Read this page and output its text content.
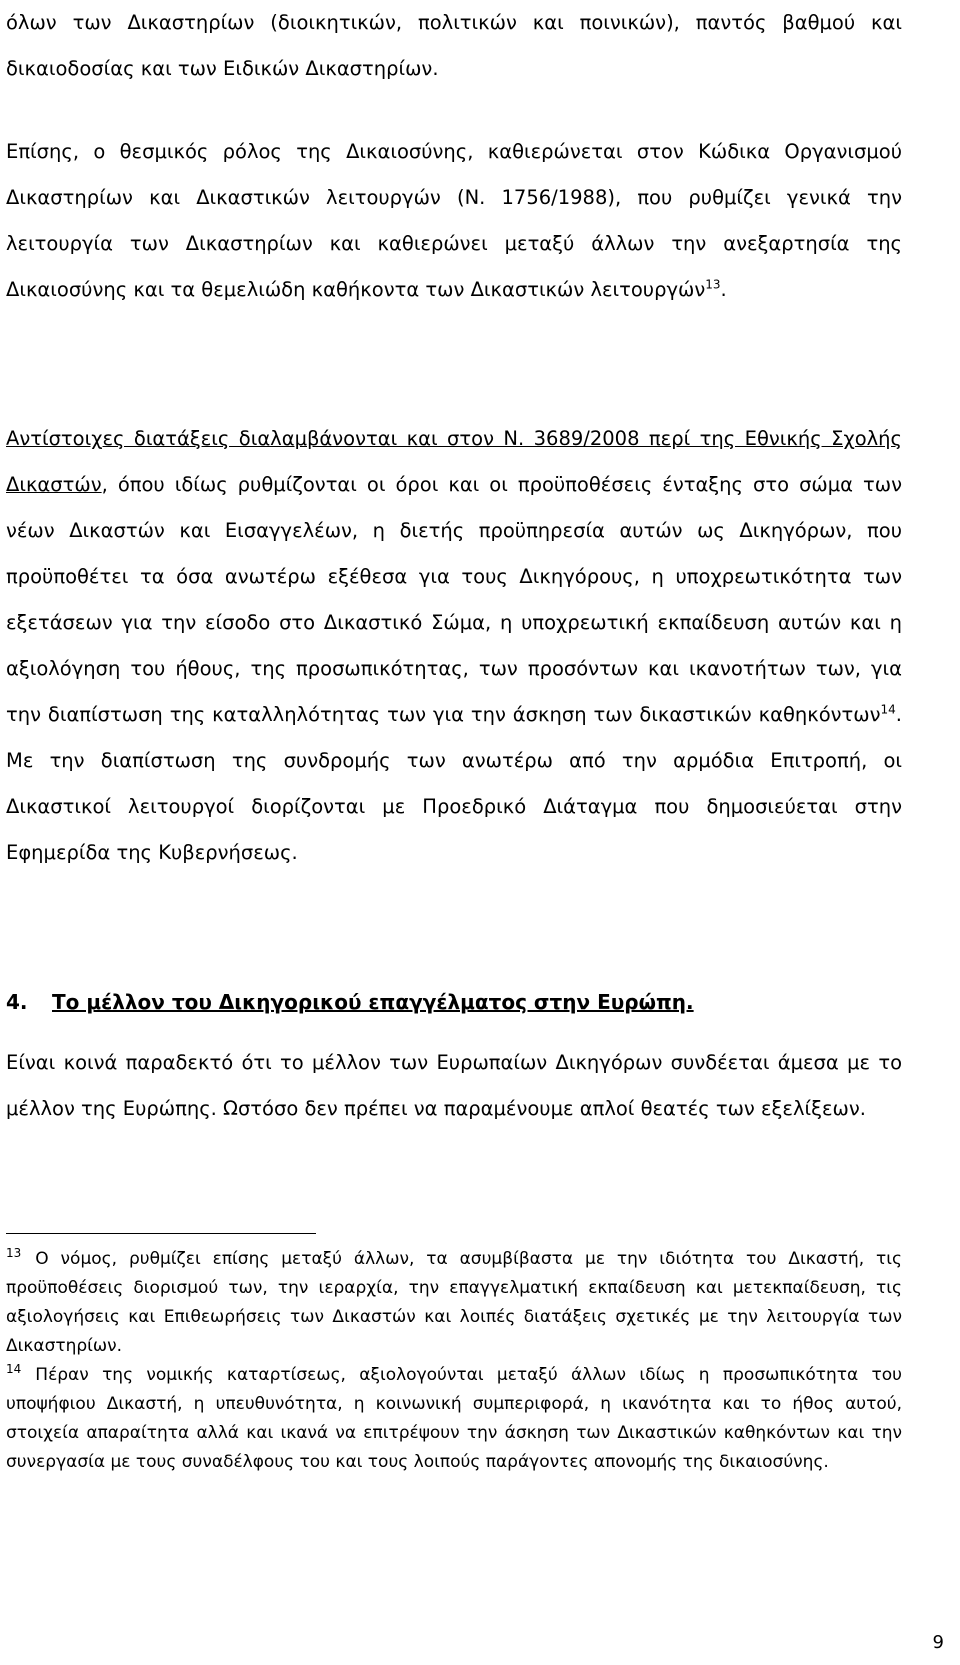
όλων των Δικαστηρίων (διοικητικών, πολιτικών και ποινικών), παντός βαθμού και δικαιοδοσίας και των Ειδικών Δικαστηρίων.

Επίσης, ο θεσμικός ρόλος της Δικαιοσύνης, καθιερώνεται στον Κώδικα Οργανισμού Δικαστηρίων και Δικαστικών λειτουργών (Ν. 1756/1988), που ρυθμίζει γενικά την λειτουργία των Δικαστηρίων και καθιερώνει μεταξύ άλλων την ανεξαρτησία της Δικαιοσύνης και τα θεμελιώδη καθήκοντα των Δικαστικών λειτουργών$^{13}$.

Αντίστοιχες διατάξεις διαλαμβάνονται και στον Ν. 3689/2008 περί της Εθνικής Σχολής Δικαστών, όπου ιδίως ρυθμίζονται οι όροι και οι προϋποθέσεις ένταξης στο σώμα των νέων Δικαστών και Εισαγγελέων, η διετής προϋπηρεσία αυτών ως Δικηγόρων, που προϋποθέτει τα όσα ανωτέρω εξέθεσα για τους Δικηγόρους, η υποχρεωτικότητα των εξετάσεων για την είσοδο στο Δικαστικό Σώμα, η υποχρεωτική εκπαίδευση αυτών και η αξιολόγηση του ήθους, της προσωπικότητας, των προσόντων και ικανοτήτων των, για την διαπίστωση της καταλληλότητας των για την άσκηση των δικαστικών καθηκόντων$^{14}$. Με την διαπίστωση της συνδρομής των ανωτέρω από την αρμόδια Επιτροπή, οι Δικαστικοί λειτουργοί διορίζονται με Προεδρικό Διάταγμα που δημοσιεύεται στην Εφημερίδα της Κυβερνήσεως.

4. Το μέλλον του Δικηγορικού επαγγέλματος στην Ευρώπη.

Είναι κοινά παραδεκτό ότι το μέλλον των Ευρωπαίων Δικηγόρων συνδέεται άμεσα με το μέλλον της Ευρώπης. Ωστόσο δεν πρέπει να παραμένουμε απλοί θεατές των εξελίξεων.

$^{13}$ Ο νόμος, ρυθμίζει επίσης μεταξύ άλλων, τα ασυμβίβαστα με την ιδιότητα του Δικαστή, τις προϋποθέσεις διορισμού των, την ιεραρχία, την επαγγελματική εκπαίδευση και μετεκπαίδευση, τις αξιολογήσεις και Επιθεωρήσεις των Δικαστών και λοιπές διατάξεις σχετικές με την λειτουργία των Δικαστηρίων.

$^{14}$ Πέραν της νομικής καταρτίσεως, αξιολογούνται μεταξύ άλλων ιδίως η προσωπικότητα του υποψήφιου Δικαστή, η υπευθυνότητα, η κοινωνική συμπεριφορά, η ικανότητα και το ήθος αυτού, στοιχεία απαραίτητα αλλά και ικανά να επιτρέψουν την άσκηση των Δικαστικών καθηκόντων και την συνεργασία με τους συναδέλφους του και τους λοιπούς παράγοντες απονομής της δικαιοσύνης.

9
